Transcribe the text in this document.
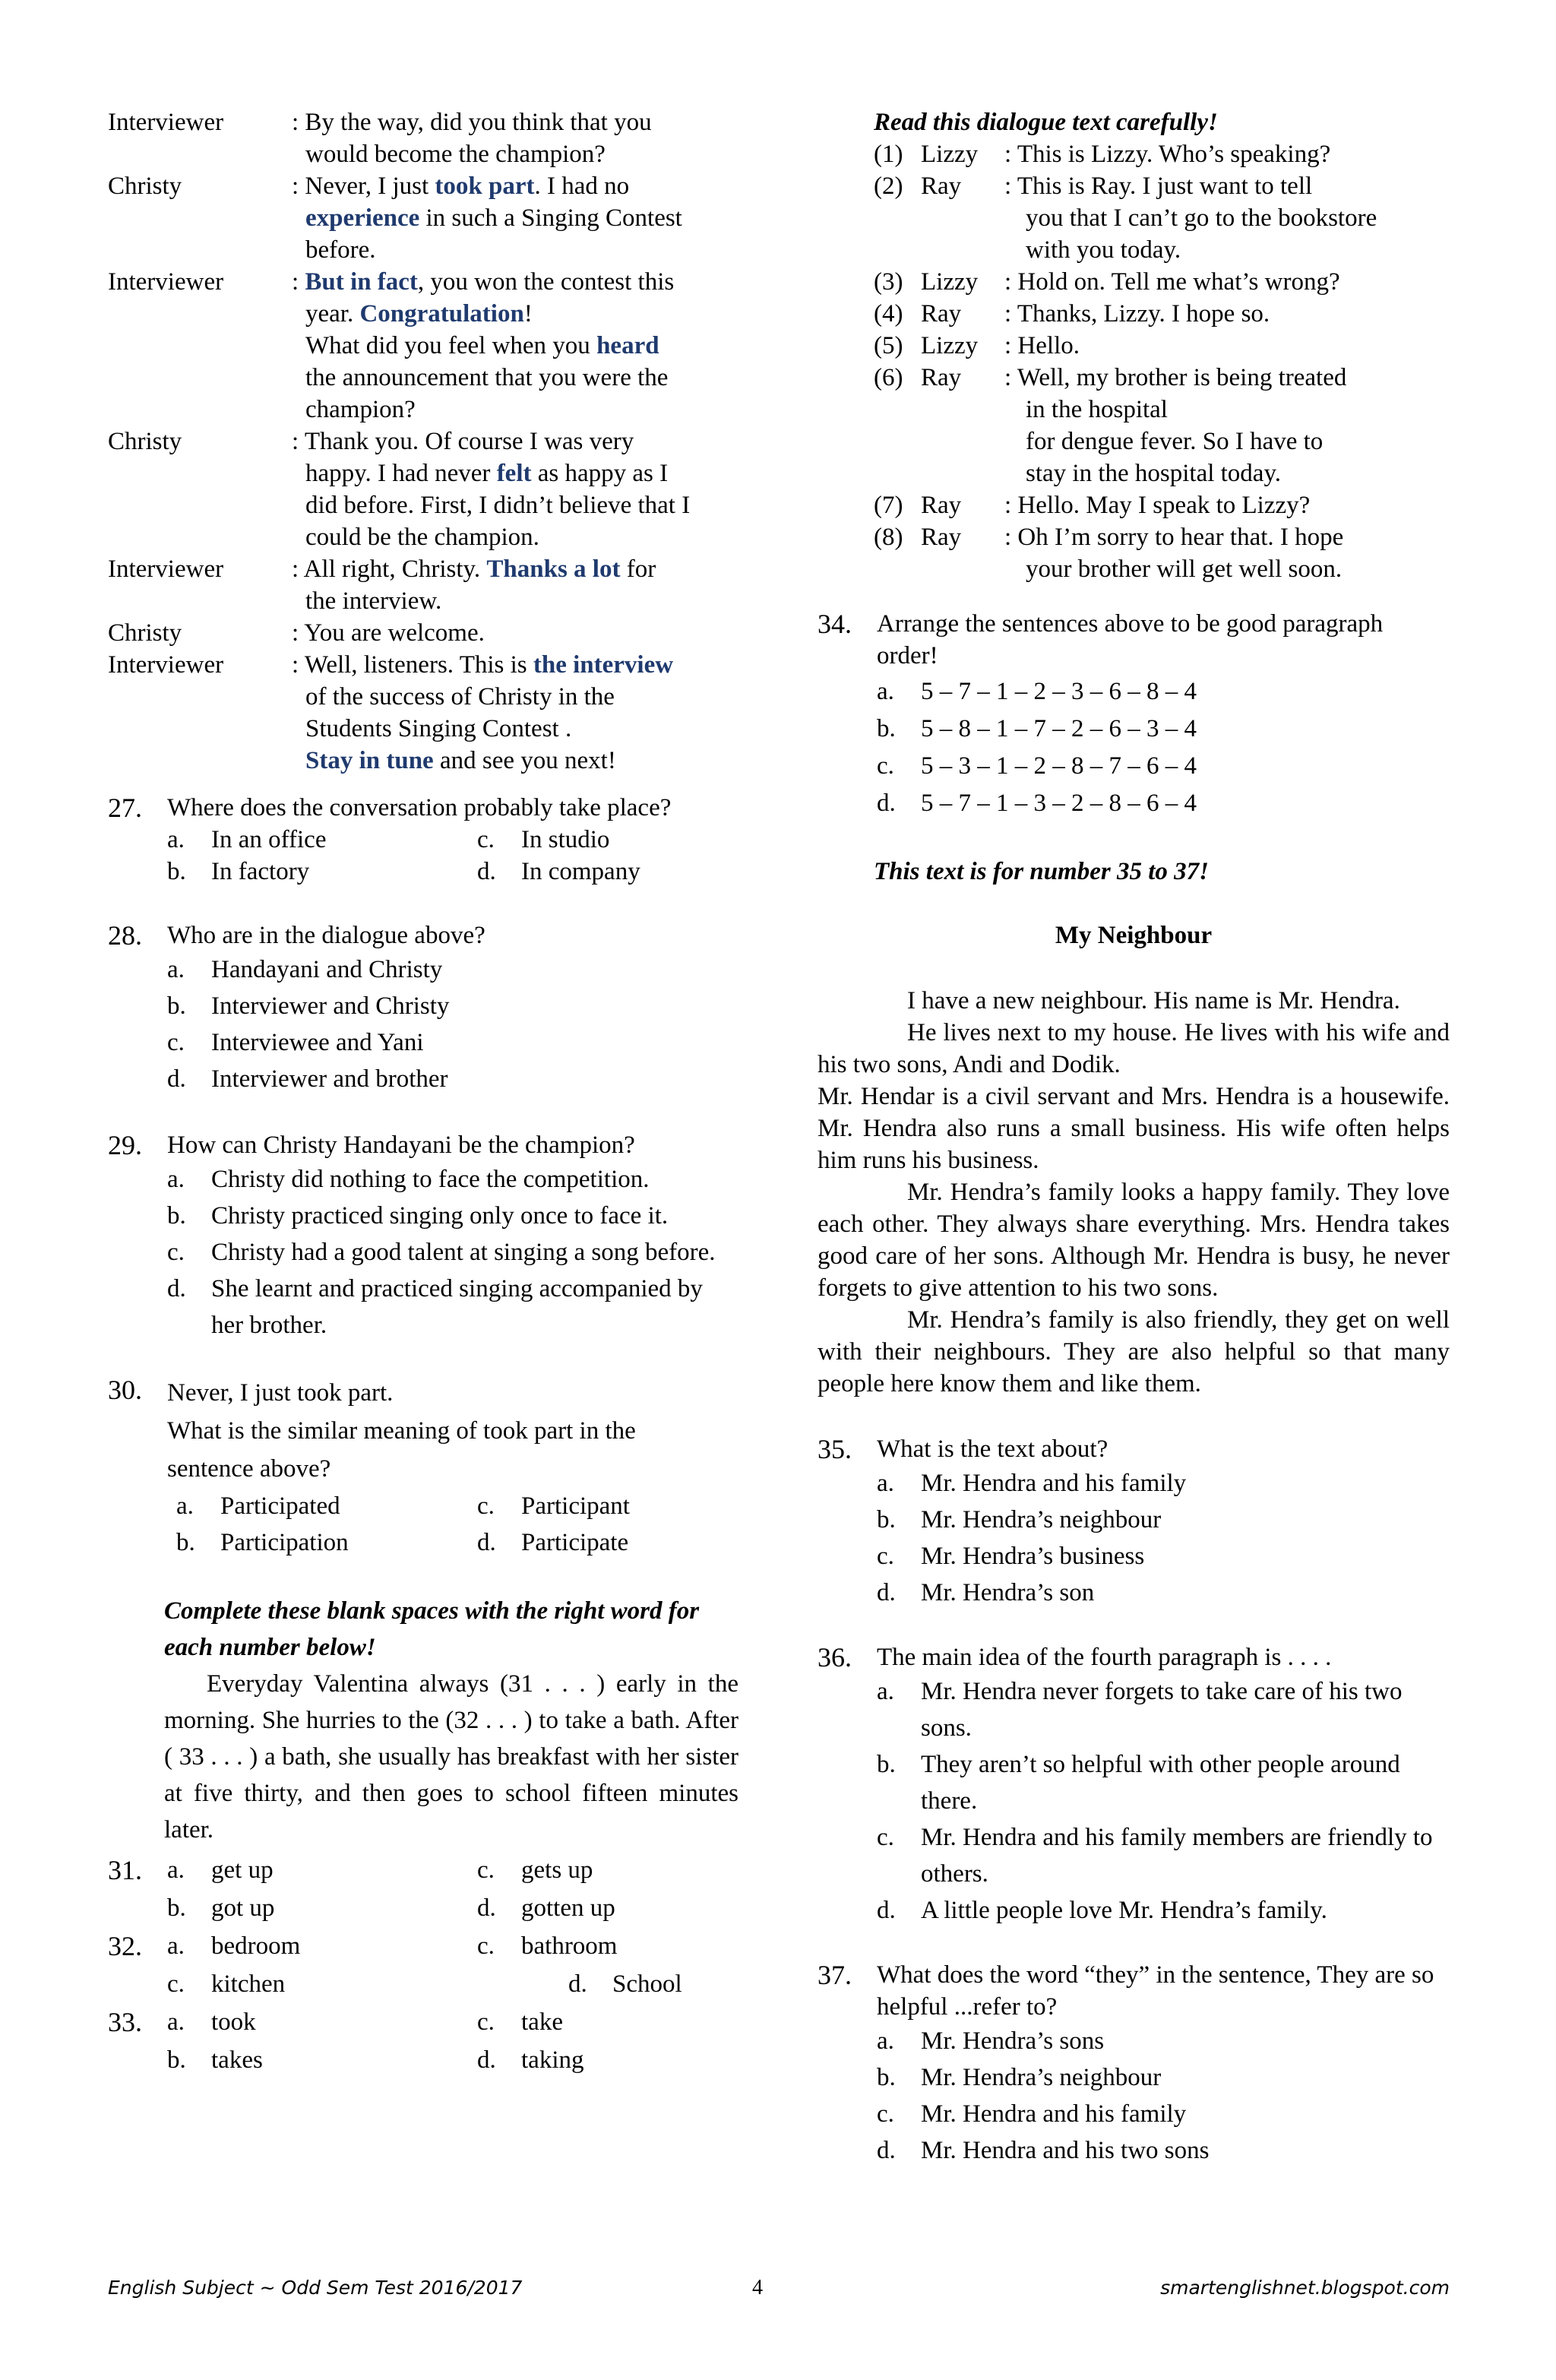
Interviewer	: By the way, did you think that you
would become the champion?
Christy	: Never, I just took part. I had no
experience in such a Singing Contest
before.
Interviewer	: But in fact, you won the contest this
year. Congratulation!
What did you feel when you heard
the announcement that you were the
champion?
Christy	: Thank you. Of course I was very
happy. I had never felt as happy as I
did before. First, I didn’t believe that I
could be the champion.
Interviewer	: All right, Christy. Thanks a lot for
the interview.
Christy	: You are welcome.
Interviewer	: Well, listeners. This is the interview
of the success of Christy in the
Students Singing Contest .
Stay in tune and see you next!
27.	Where does the conversation probably take place?
a.	In an office	c.	In studio
b.	In factory	d.	In company
28.	Who are in the dialogue above?
a.	Handayani and Christy
b.	Interviewer and Christy
c.	Interviewee and Yani
d.	Interviewer and brother
29.	How can Christy Handayani be the champion?
a.	Christy did nothing to face the competition.
b.	Christy practiced singing only once to face it.
c.	Christy had a good talent at singing a song before.
d.	She learnt and practiced singing accompanied by her brother.
30.	Never, I just took part.
What is the similar meaning of took part in the sentence above?
a.	Participated	c.	Participant
b.	Participation	d.	Participate
Complete these blank spaces with the right word for each number below!
Everyday Valentina always (31 . . . ) early in the morning. She hurries to the (32 . . . ) to take a bath. After ( 33 . . . ) a bath, she usually has breakfast with her sister at five thirty, and then goes to school fifteen minutes later.
31.	a.	get up	c.	gets up
b.	got up	d.	gotten up
32.	a.	bedroom	c.	bathroom
c.	kitchen	d.	School
33.	a.	took	c.	take
b.	takes	d.	taking
Read this dialogue text carefully!
(1) Lizzy	: This is Lizzy. Who’s speaking?
(2) Ray	: This is Ray. I just want to tell
you that I can’t go to the bookstore
with you today.
(3) Lizzy	: Hold on. Tell me what’s wrong?
(4) Ray	: Thanks, Lizzy. I hope so.
(5) Lizzy	: Hello.
(6) Ray	: Well, my brother is being treated
in the hospital
for dengue fever. So I have to
stay in the hospital today.
(7) Ray	: Hello. May I speak to Lizzy?
(8) Ray	: Oh I’m sorry to hear that. I hope
your brother will get well soon.
34.	Arrange the sentences above to be good paragraph order!
a.	5 – 7 – 1 – 2 – 3 – 6 – 8 – 4
b.	5 – 8 – 1 – 7 – 2 – 6 – 3 – 4
c.	5 – 3 – 1 – 2 – 8 – 7 – 6 – 4
d.	5 – 7 – 1 – 3 – 2 – 8 – 6 – 4
This text is for number 35 to 37!
My Neighbour
I have a new neighbour. His name is Mr. Hendra.
He lives next to my house. He lives with his wife and his two sons, Andi and Dodik.
Mr. Hendar is a civil servant and Mrs. Hendra is a housewife. Mr. Hendra also runs a small business. His wife often helps him runs his business.
Mr. Hendra’s family looks a happy family. They love each other. They always share everything. Mrs. Hendra takes good care of her sons. Although Mr. Hendra is busy, he never forgets to give attention to his two sons.
Mr. Hendra’s family is also friendly, they get on well with their neighbours. They are also helpful so that many people here know them and like them.
35.	What is the text about?
a.	Mr. Hendra and his family
b.	Mr. Hendra’s neighbour
c.	Mr. Hendra’s business
d.	Mr. Hendra’s son
36.	The main idea of the fourth paragraph is . . . .
a.	Mr. Hendra never forgets to take care of his two sons.
b.	They aren’t so helpful with other people around there.
c.	Mr. Hendra and his family members are friendly to others.
d.	A little people love Mr. Hendra’s family.
37.	What does the word “they” in the sentence, They are so helpful ...refer to?
a.	Mr. Hendra’s sons
b.	Mr. Hendra’s neighbour
c.	Mr. Hendra and his family
d.	Mr. Hendra and his two sons
English Subject ~ Odd Sem Test 2016/2017	4	smartenglishnet.blogspot.com
